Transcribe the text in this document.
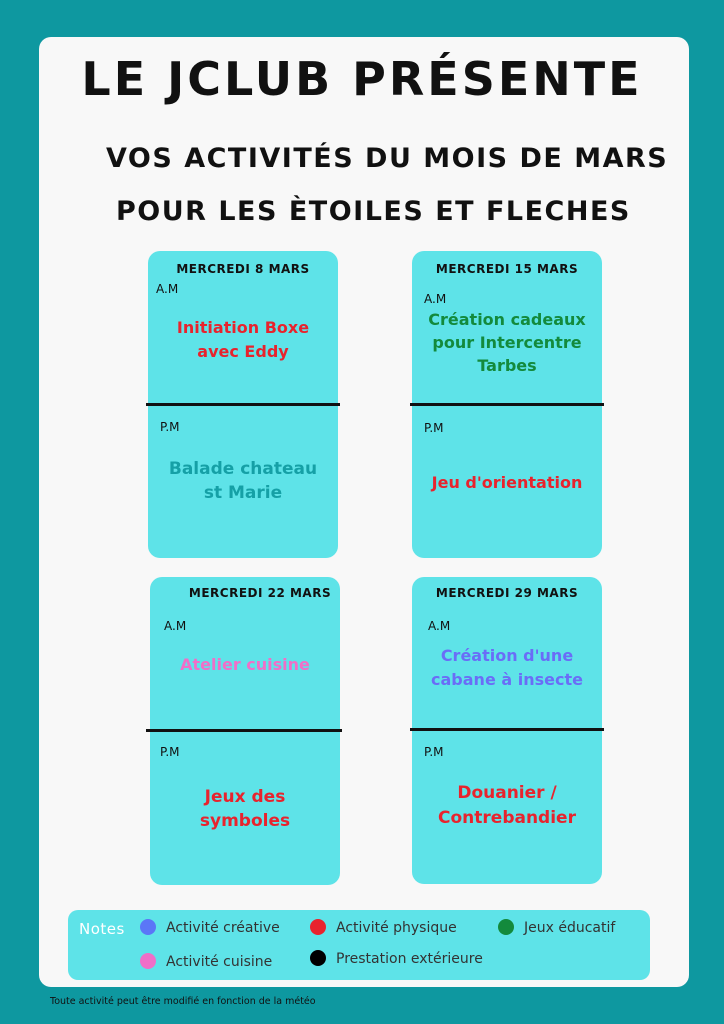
LE JCLUB PRÉSENTE
VOS ACTIVITÉS DU MOIS DE MARS
POUR LES ÈTOILES ET FLECHES
MERCREDI 8 MARS
A.M
Initiation Boxe avec Eddy
P.M
Balade chateau st Marie
MERCREDI 15 MARS
A.M
Création cadeaux pour Intercentre Tarbes
P.M
Jeu d'orientation
MERCREDI 22 MARS
A.M
Atelier cuisine
P.M
Jeux des symboles
MERCREDI 29 MARS
A.M
Création d'une cabane à insecte
P.M
Douanier / Contrebandier
Notes	Activité créative	Activité physique	Jeux éducatif
Activité cuisine	Prestation extérieure
Toute activité peut être modifié en fonction de la météo
